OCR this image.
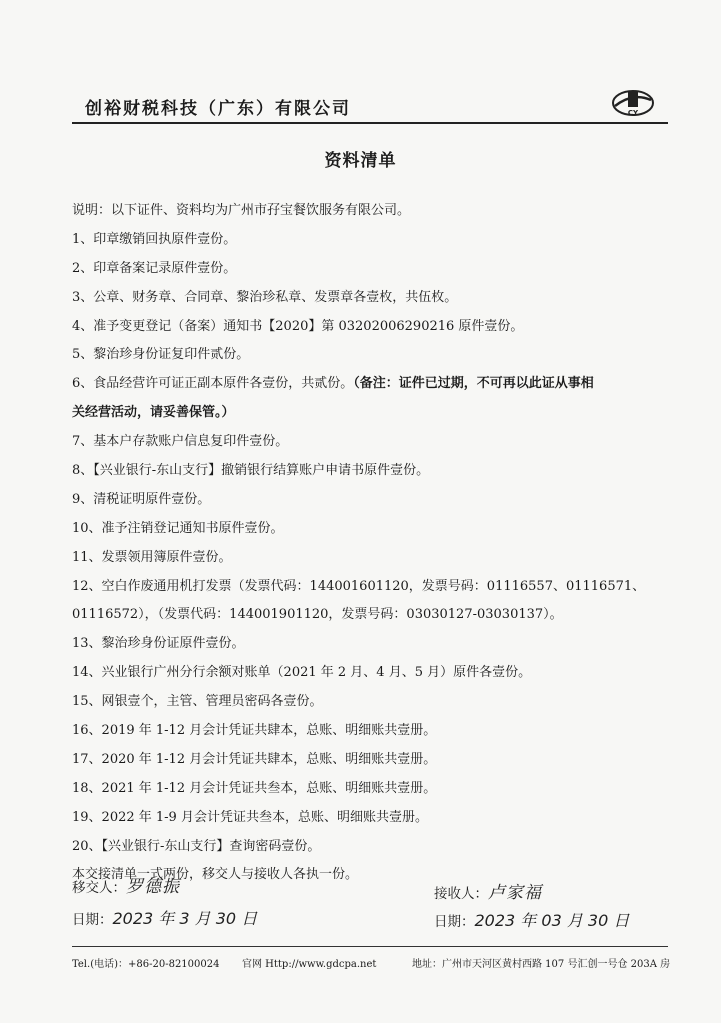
创裕财税科技（广东）有限公司	CY
资料清单
说明：以下证件、资料均为广州市孖宝餐饮服务有限公司。
1、印章缴销回执原件壹份。
2、印章备案记录原件壹份。
3、公章、财务章、合同章、黎治珍私章、发票章各壹枚，共伍枚。
4、准予变更登记（备案）通知书【2020】第 03202006290216 原件壹份。
5、黎治珍身份证复印件贰份。
6、食品经营许可证正副本原件各壹份，共贰份。（备注：证件已过期，不可再以此证从事相
关经营活动，请妥善保管。）
7、基本户存款账户信息复印件壹份。
8、【兴业银行-东山支行】撤销银行结算账户申请书原件壹份。
9、清税证明原件壹份。
10、准予注销登记通知书原件壹份。
11、发票领用簿原件壹份。
12、空白作废通用机打发票（发票代码：144001601120，发票号码：01116557、01116571、
01116572），（发票代码：144001901120，发票号码：03030127-03030137）。
13、黎治珍身份证原件壹份。
14、兴业银行广州分行余额对账单（2021 年 2 月、4 月、5 月）原件各壹份。
15、网银壹个，主管、管理员密码各壹份。
16、2019 年 1-12 月会计凭证共肆本，总账、明细账共壹册。
17、2020 年 1-12 月会计凭证共肆本，总账、明细账共壹册。
18、2021 年 1-12 月会计凭证共叁本，总账、明细账共壹册。
19、2022 年 1-9 月会计凭证共叁本，总账、明细账共壹册。
20、【兴业银行-东山支行】查询密码壹份。
本交接清单一式两份，移交人与接收人各执一份。
移交人：罗德振	接收人：卢家福
日期：2023 年 3 月 30 日	日期：2023 年 03 月 30 日
Tel.(电话)：+86-20-82100024 官网 Http://www.gdcpa.net	地址：广州市天河区黄村西路 107 号汇创一号仓 203A 房
